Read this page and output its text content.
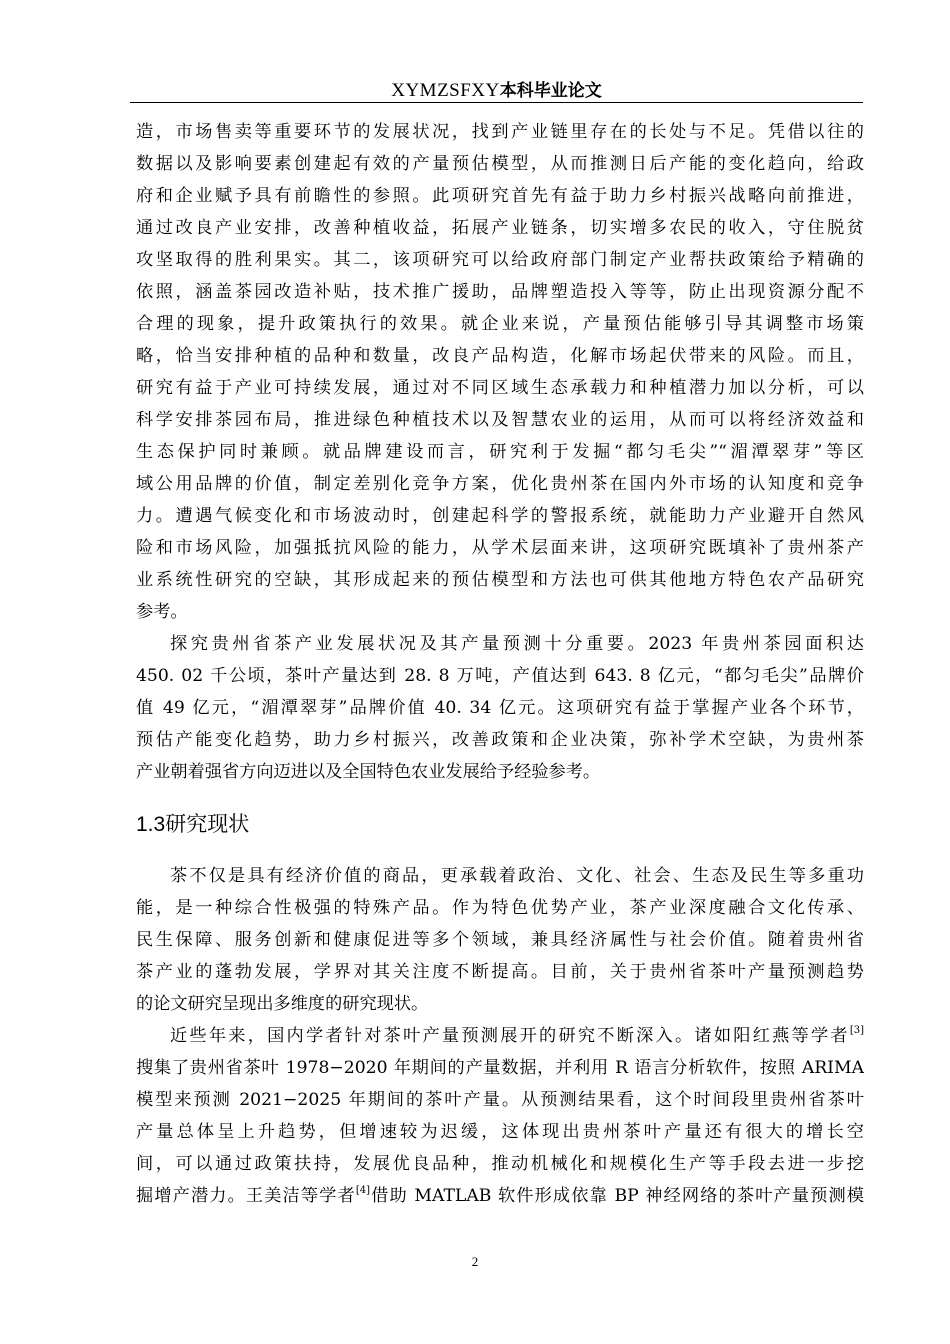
XYMZSFXY本科毕业论文
造，市场售卖等重要环节的发展状况，找到产业链里存在的长处与不足。凭借以往的
数据以及影响要素创建起有效的产量预估模型，从而推测日后产能的变化趋向，给政
府和企业赋予具有前瞻性的参照。此项研究首先有益于助力乡村振兴战略向前推进，
通过改良产业安排，改善种植收益，拓展产业链条，切实增多农民的收入，守住脱贫
攻坚取得的胜利果实。其二，该项研究可以给政府部门制定产业帮扶政策给予精确的
依照，涵盖茶园改造补贴，技术推广援助，品牌塑造投入等等，防止出现资源分配不
合理的现象，提升政策执行的效果。就企业来说，产量预估能够引导其调整市场策
略，恰当安排种植的品种和数量，改良产品构造，化解市场起伏带来的风险。而且，
研究有益于产业可持续发展，通过对不同区域生态承载力和种植潜力加以分析，可以
科学安排茶园布局，推进绿色种植技术以及智慧农业的运用，从而可以将经济效益和
生态保护同时兼顾。就品牌建设而言，研究利于发掘“都匀毛尖”“湄潭翠芽”等区
域公用品牌的价值，制定差别化竞争方案，优化贵州茶在国内外市场的认知度和竞争
力。遭遇气候变化和市场波动时，创建起科学的警报系统，就能助力产业避开自然风
险和市场风险，加强抵抗风险的能力，从学术层面来讲，这项研究既填补了贵州茶产
业系统性研究的空缺，其形成起来的预估模型和方法也可供其他地方特色农产品研究
参考。
探究贵州省茶产业发展状况及其产量预测十分重要。2023 年贵州茶园面积达
450. 02 千公顷，茶叶产量达到 28. 8 万吨，产值达到 643. 8 亿元，“都匀毛尖”品牌价
值 49 亿元，“湄潭翠芽”品牌价值 40. 34 亿元。这项研究有益于掌握产业各个环节，
预估产能变化趋势，助力乡村振兴，改善政策和企业决策，弥补学术空缺，为贵州茶
产业朝着强省方向迈进以及全国特色农业发展给予经验参考。
1.3研究现状
茶不仅是具有经济价值的商品，更承载着政治、文化、社会、生态及民生等多重功
能，是一种综合性极强的特殊产品。作为特色优势产业，茶产业深度融合文化传承、
民生保障、服务创新和健康促进等多个领域，兼具经济属性与社会价值。随着贵州省
茶产业的蓬勃发展，学界对其关注度不断提高。目前，关于贵州省茶叶产量预测趋势
的论文研究呈现出多维度的研究现状。
近些年来，国内学者针对茶叶产量预测展开的研究不断深入。诸如阳红燕等学者[3]
搜集了贵州省茶叶 1978−2020 年期间的产量数据，并利用 R 语言分析软件，按照 ARIMA
模型来预测 2021−2025 年期间的茶叶产量。从预测结果看，这个时间段里贵州省茶叶
产量总体呈上升趋势，但增速较为迟缓，这体现出贵州茶叶产量还有很大的增长空
间，可以通过政策扶持，发展优良品种，推动机械化和规模化生产等手段去进一步挖
掘增产潜力。王美洁等学者[4]借助 MATLAB 软件形成依靠 BP 神经网络的茶叶产量预测模
2
